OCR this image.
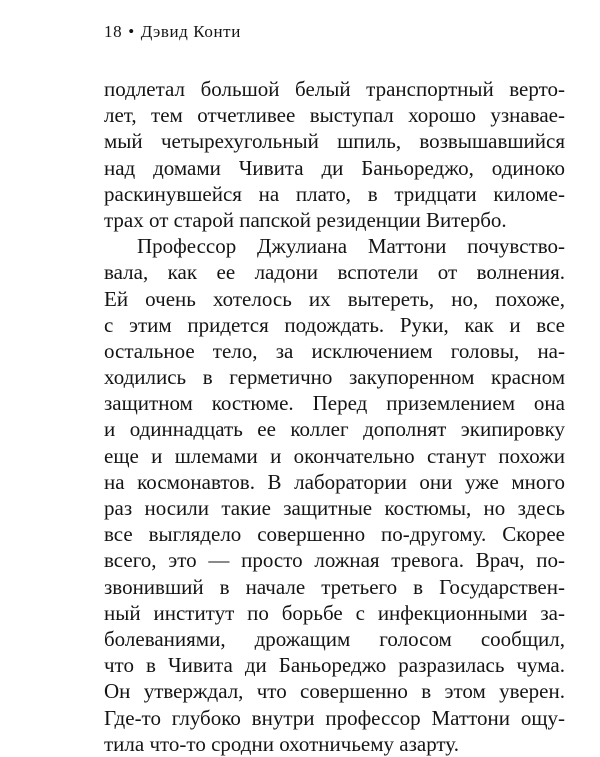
18 • Дэвид Конти
подлетал большой белый транспортный верто-
лет, тем отчетливее выступал хорошо узнавае-
мый четырехугольный шпиль, возвышавшийся
над домами Чивита ди Баньореджо, одиноко
раскинувшейся на плато, в тридцати киломе-
трах от старой папской резиденции Витербо.
Профессор Джулиана Маттони почувство-
вала, как ее ладони вспотели от волнения.
Ей очень хотелось их вытереть, но, похоже,
с этим придется подождать. Руки, как и все
остальное тело, за исключением головы, на-
ходились в герметично закупоренном красном
защитном костюме. Перед приземлением она
и одиннадцать ее коллег дополнят экипировку
еще и шлемами и окончательно станут похожи
на космонавтов. В лаборатории они уже много
раз носили такие защитные костюмы, но здесь
все выглядело совершенно по-другому. Скорее
всего, это — просто ложная тревога. Врач, по-
звонивший в начале третьего в Государствен-
ный институт по борьбе с инфекционными за-
болеваниями, дрожащим голосом сообщил,
что в Чивита ди Баньореджо разразилась чума.
Он утверждал, что совершенно в этом уверен.
Где-то глубоко внутри профессор Маттони ощу-
тила что-то сродни охотничьему азарту.
